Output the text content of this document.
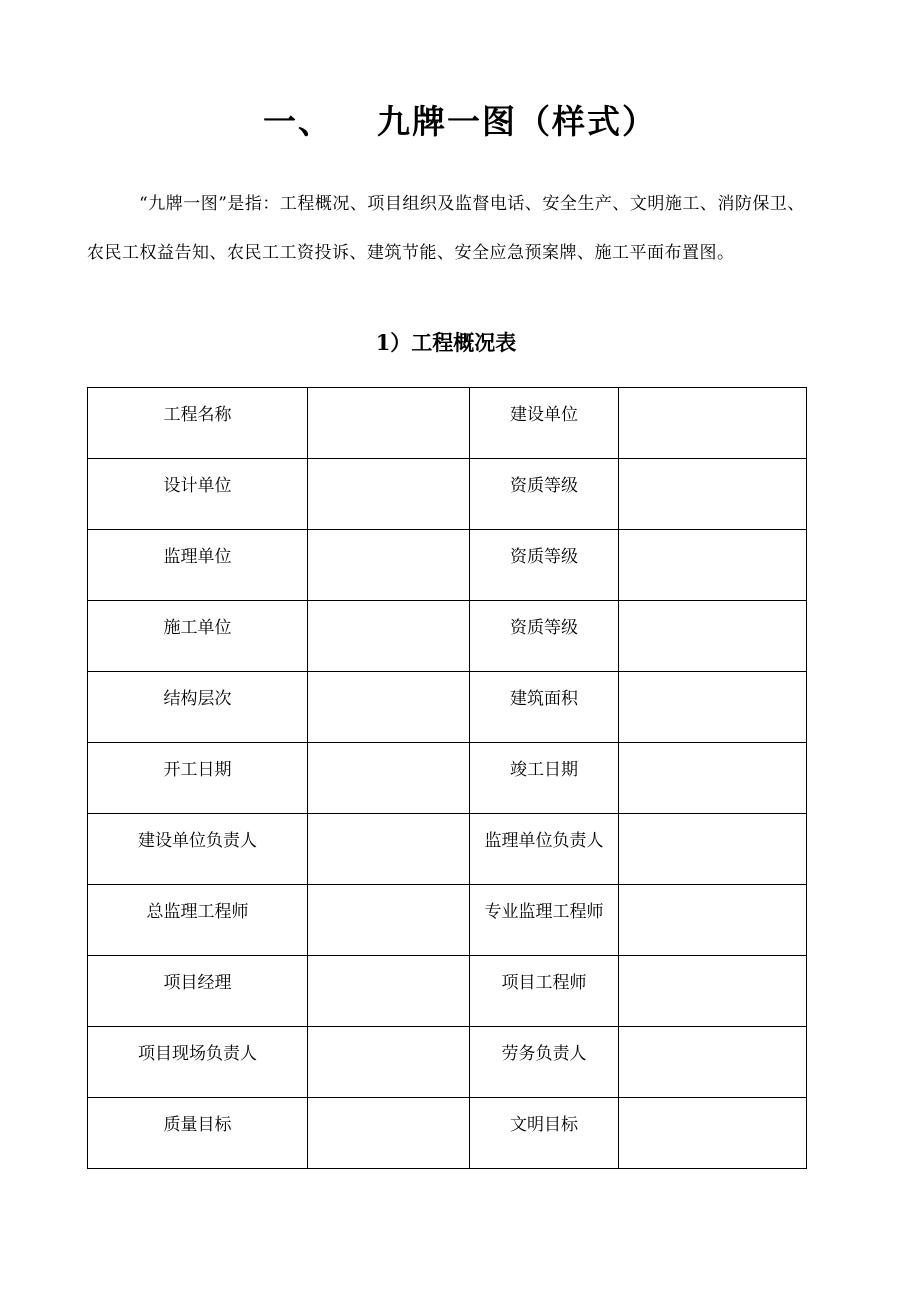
一、 九牌一图（样式）

“九牌一图”是指：工程概况、项目组织及监督电话、安全生产、文明施工、消防保卫、农民工权益告知、农民工工资投诉、建筑节能、安全应急预案牌、施工平面布置图。

1）工程概况表
工程名称		建设单位	
设计单位		资质等级	
监理单位		资质等级	
施工单位		资质等级	
结构层次		建筑面积	
开工日期		竣工日期	
建设单位负责人		监理单位负责人	
总监理工程师		专业监理工程师	
项目经理		项目工程师	
项目现场负责人		劳务负责人	
质量目标		文明目标	
